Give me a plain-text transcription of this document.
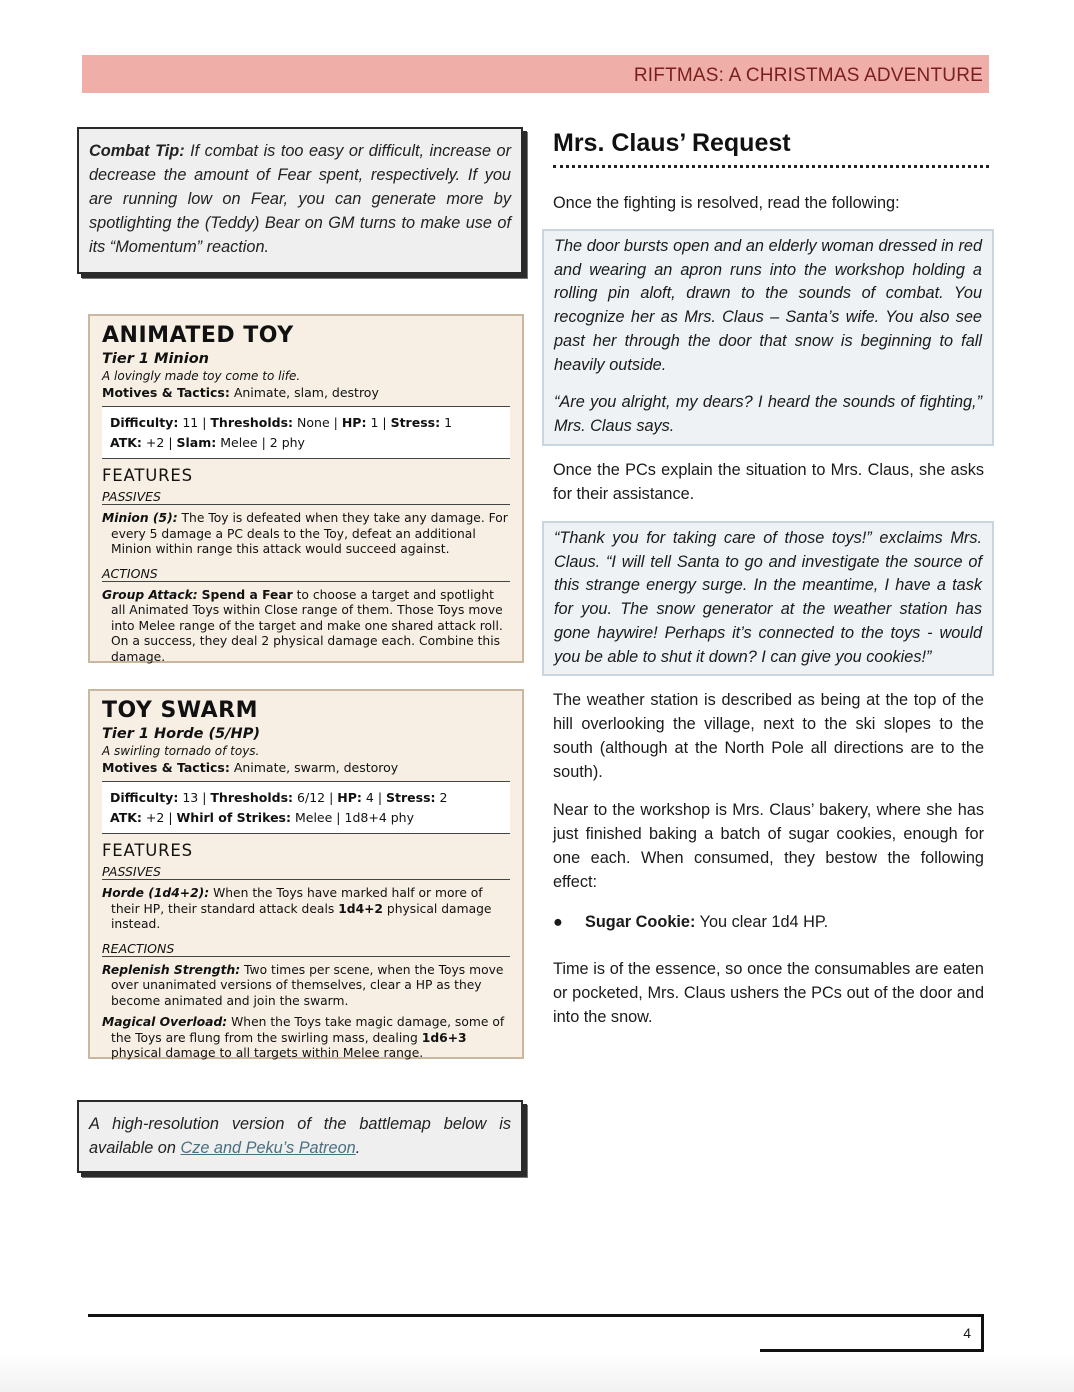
RIFTMAS: A CHRISTMAS ADVENTURE
Combat Tip: If combat is too easy or difficult, increase or decrease the amount of Fear spent, respectively. If you are running low on Fear, you can generate more by spotlighting the (Teddy) Bear on GM turns to make use of its “Momentum” reaction.
ANIMATED TOY
Tier 1 Minion
A lovingly made toy come to life.
Motives & Tactics: Animate, slam, destroy
Difficulty: 11 | Thresholds: None | HP: 1 | Stress: 1
ATK: +2 | Slam: Melee | 2 phy
FEATURES
PASSIVES
Minion (5): The Toy is defeated when they take any damage. For every 5 damage a PC deals to the Toy, defeat an additional Minion within range this attack would succeed against.
ACTIONS
Group Attack: Spend a Fear to choose a target and spotlight all Animated Toys within Close range of them. Those Toys move into Melee range of the target and make one shared attack roll. On a success, they deal 2 physical damage each. Combine this damage.
TOY SWARM
Tier 1 Horde (5/HP)
A swirling tornado of toys.
Motives & Tactics: Animate, swarm, destoroy
Difficulty: 13 | Thresholds: 6/12 | HP: 4 | Stress: 2
ATK: +2 | Whirl of Strikes: Melee | 1d8+4 phy
FEATURES
PASSIVES
Horde (1d4+2): When the Toys have marked half or more of their HP, their standard attack deals 1d4+2 physical damage instead.
REACTIONS
Replenish Strength: Two times per scene, when the Toys move over unanimated versions of themselves, clear a HP as they become animated and join the swarm.
Magical Overload: When the Toys take magic damage, some of the Toys are flung from the swirling mass, dealing 1d6+3 physical damage to all targets within Melee range.
A high-resolution version of the battlemap below is available on Cze and Peku’s Patreon.
Mrs. Claus’ Request

Once the fighting is resolved, read the following:

The door bursts open and an elderly woman dressed in red and wearing an apron runs into the workshop holding a rolling pin aloft, drawn to the sounds of combat. You recognize her as Mrs. Claus – Santa’s wife. You also see past her through the door that snow is beginning to fall heavily outside.

“Are you alright, my dears? I heard the sounds of fighting,” Mrs. Claus says.

Once the PCs explain the situation to Mrs. Claus, she asks for their assistance.

“Thank you for taking care of those toys!” exclaims Mrs. Claus. “I will tell Santa to go and investigate the source of this strange energy surge. In the meantime, I have a task for you. The snow generator at the weather station has gone haywire! Perhaps it’s connected to the toys - would you be able to shut it down? I can give you cookies!”

The weather station is described as being at the top of the hill overlooking the village, next to the ski slopes to the south (although at the North Pole all directions are to the south).

Near to the workshop is Mrs. Claus’ bakery, where she has just finished baking a batch of sugar cookies, enough for one each. When consumed, they bestow the following effect:

● Sugar Cookie: You clear 1d4 HP.

Time is of the essence, so once the consumables are eaten or pocketed, Mrs. Claus ushers the PCs out of the door and into the snow.

4
